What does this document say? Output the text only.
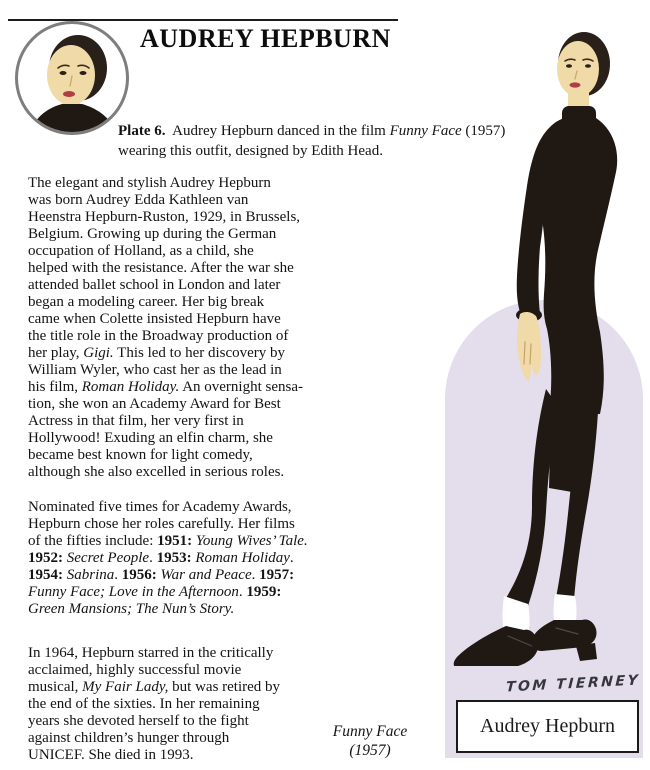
AUDREY HEPBURN

Plate 6.  Audrey Hepburn danced in the film Funny Face (1957)
wearing this outfit, designed by Edith Head.

The elegant and stylish Audrey Hepburn
was born Audrey Edda Kathleen van
Heenstra Hepburn-Ruston, 1929, in Brussels,
Belgium. Growing up during the German
occupation of Holland, as a child, she
helped with the resistance. After the war she
attended ballet school in London and later
began a modeling career. Her big break
came when Colette insisted Hepburn have
the title role in the Broadway production of
her play, Gigi. This led to her discovery by
William Wyler, who cast her as the lead in
his film, Roman Holiday. An overnight sensa-
tion, she won an Academy Award for Best
Actress in that film, her very first in
Hollywood! Exuding an elfin charm, she
became best known for light comedy,
although she also excelled in serious roles.

Nominated five times for Academy Awards,
Hepburn chose her roles carefully. Her films
of the fifties include: 1951: Young Wives’ Tale.
1952: Secret People. 1953: Roman Holiday.
1954: Sabrina. 1956: War and Peace. 1957:
Funny Face; Love in the Afternoon. 1959:
Green Mansions; The Nun’s Story.

In 1964, Hepburn starred in the critically
acclaimed, highly successful movie
musical, My Fair Lady, but was retired by
the end of the sixties. In her remaining
years she devoted herself to the fight
against children’s hunger through
UNICEF. She died in 1993.

TOM TIERNEY
Audrey Hepburn
Funny Face
(1957)
